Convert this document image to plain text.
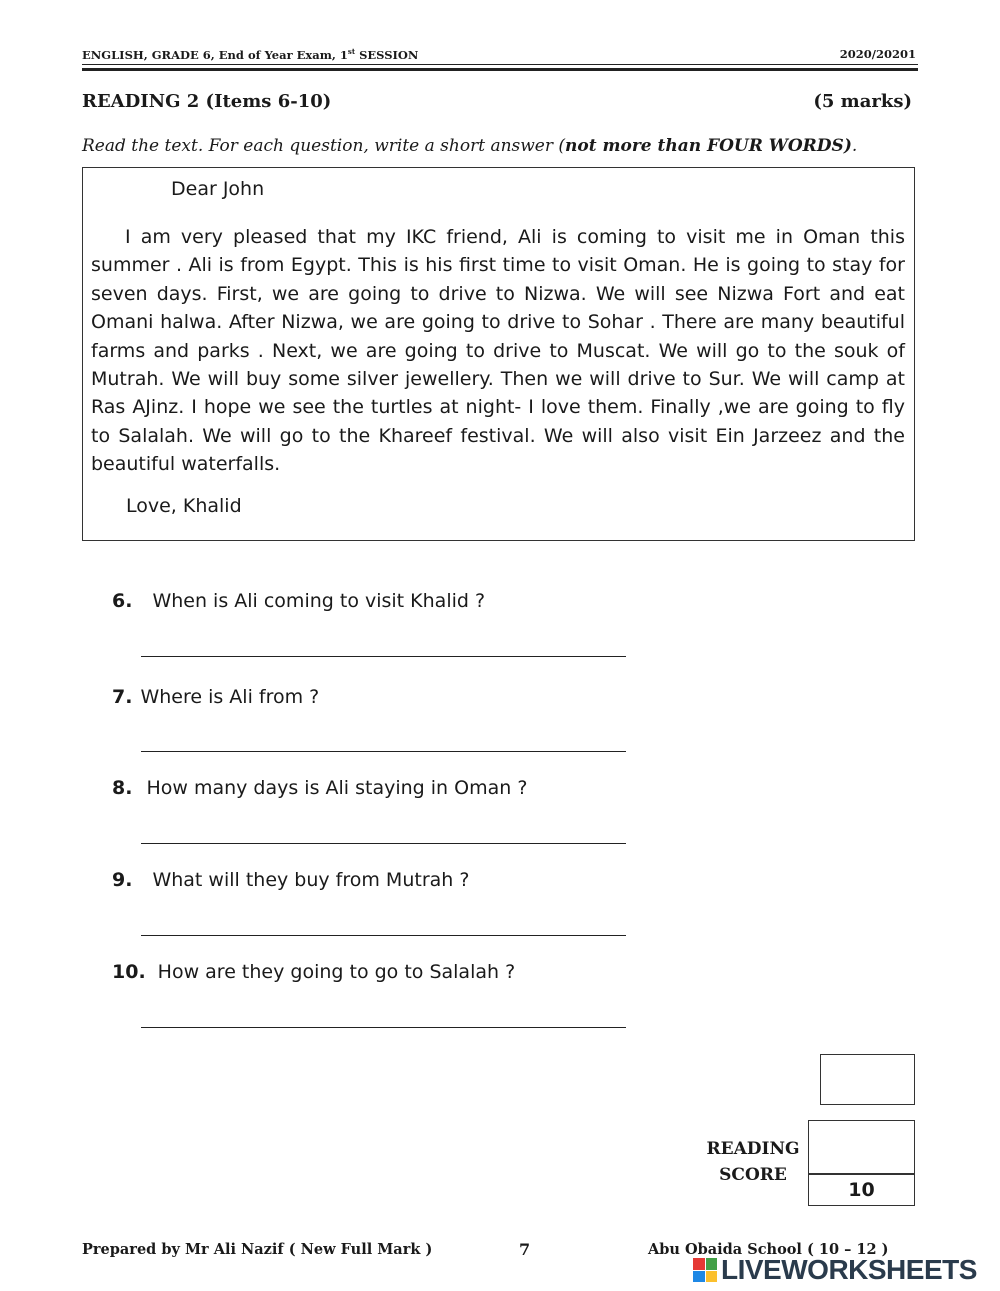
ENGLISH, GRADE 6, End of Year Exam, 1st SESSION	2020/20201
READING 2 (Items 6-10)	(5 marks)
Read the text. For each question, write a short answer (not more than FOUR WORDS).
Dear John
I am very pleased that my IKC friend, Ali is coming to visit me in Oman this summer . Ali is from Egypt. This is his first time to visit Oman. He is going to stay for seven days. First, we are going to drive to Nizwa. We will see Nizwa Fort and eat Omani halwa. After Nizwa, we are going to drive to Sohar . There are many beautiful farms and parks . Next, we are going to drive to Muscat. We will go to the souk of Mutrah. We will buy some silver jewellery. Then we will drive to Sur. We will camp at Ras AJinz. I hope we see the turtles at night- I love them. Finally ,we are going to fly to Salalah. We will go to the Khareef festival. We will also visit Ein Jarzeez and the beautiful waterfalls.
Love, Khalid
6. When is Ali coming to visit Khalid ?
7. Where is Ali from ?
8. How many days is Ali staying in Oman ?
9. What will they buy from Mutrah ?
10. How are they going to go to Salalah ?
10
READING
SCORE
Prepared by Mr Ali Nazif ( New Full Mark )	7	Abu Obaida School ( 10 – 12 )
LIVEWORKSHEETS
